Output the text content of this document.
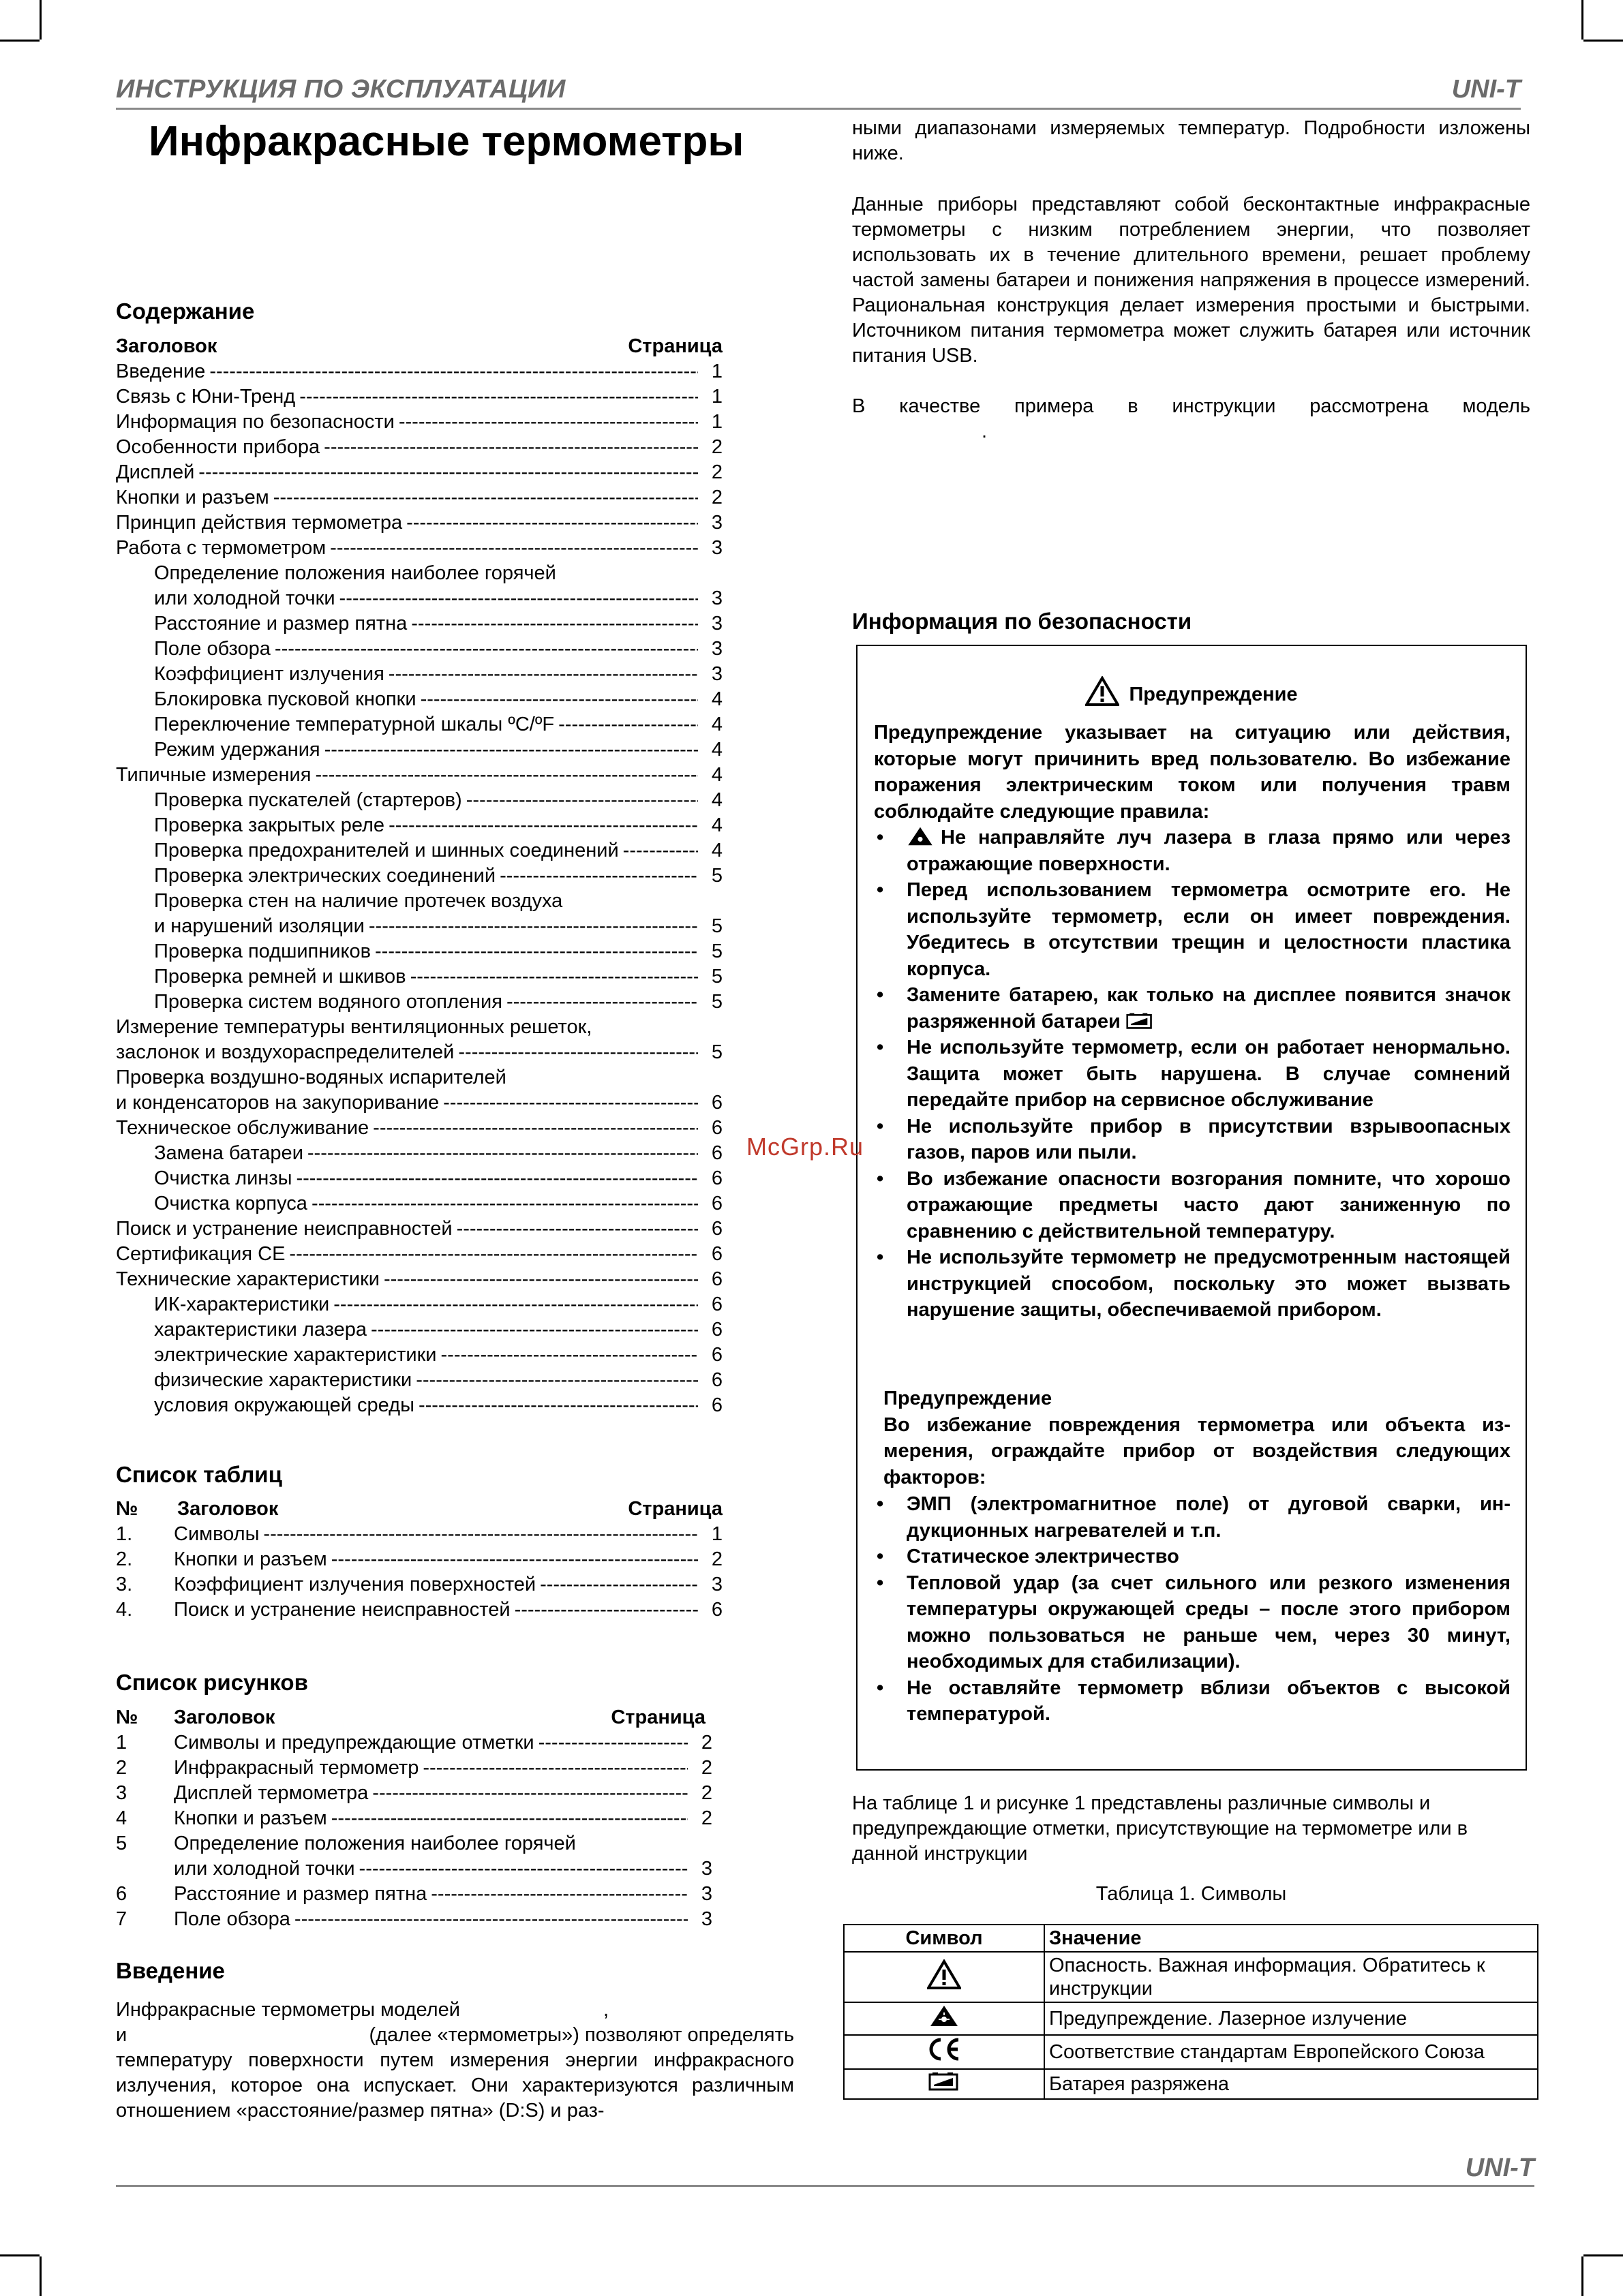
ИНСТРУКЦИЯ ПО ЭКСПЛУАТАЦИИ	UNI-T
UNI-T
Инфракрасные термометры
Содержание
Заголовок	Страница
Введение -----	1
Связь с Юни-Тренд -----	1
Информация по безопасности -----	1
Особенности прибора -----	2
Дисплей -----	2
Кнопки и разъем -----	2
Принцип действия термометра -----	3
Работа с термометром -----	3
Определение положения наиболее горячей
или холодной точки -----	3
Расстояние и размер пятна -----	3
Поле обзора -----	3
Коэффициент излучения -----	3
Блокировка пусковой кнопки -----	4
Переключение температурной шкалы ºC/ºF -----	4
Режим удержания -----	4
Типичные измерения -----	4
Проверка пускателей (стартеров) -----	4
Проверка закрытых реле -----	4
Проверка предохранителей и шинных соединений -----	4
Проверка электрических соединений -----	5
Проверка стен на наличие протечек воздуха
и нарушений изоляции -----	5
Проверка подшипников -----	5
Проверка ремней и шкивов -----	5
Проверка систем водяного отопления -----	5
Измерение температуры вентиляционных решеток,
заслонок и воздухораспределителей -----	5
Проверка воздушно-водяных испарителей
и конденсаторов на закупоривание -----	6
Техническое обслуживание -----	6
Замена батареи -----	6
Очистка линзы -----	6
Очистка корпуса -----	6
Поиск и устранение неисправностей -----	6
Сертификация CE -----	6
Технические характеристики -----	6
ИК-характеристики -----	6
характеристики лазера -----	6
электрические характеристики -----	6
физические характеристики -----	6
условия окружающей среды -----	6
Список таблиц
№	Заголовок	Страница
1.	Символы -----	1
2.	Кнопки и разъем -----	2
3.	Коэффициент излучения поверхностей -----	3
4.	Поиск и устранение неисправностей -----	6
Список рисунков
№	Заголовок	Страница
1	Символы и предупреждающие отметки -----	2
2	Инфракрасный термометр -----	2
3	Дисплей термометра -----	2
4	Кнопки и разъем -----	2
5	Определение положения наиболее горячей
или холодной точки -----	3
6	Расстояние и размер пятна -----	3
7	Поле обзора -----	3
Введение
Инфракрасные термометры моделей	,
и	(далее «термометры») позволяют определять
температуру поверхности путем измерения энергии инфракрасного излучения, которое она испускает. Они характеризуются различным отношением «расстояние/размер пятна» (D:S) и раз-
ными диапазонами измеряемых температур. Подробности изложены ниже.
Данные приборы представляют собой бесконтактные инфракрасные термометры с низким потреблением энергии, что позволяет использовать их в течение длительного времени, решает проблему частой замены батареи и понижения напряжения в процессе измерений. Рациональная конструкция делает измерения простыми и быстрыми. Источником питания термометра может служить батарея или источник питания USB.
В качестве примера в инструкции рассмотрена модель
.
Информация по безопасности
Предупреждение
Предупреждение указывает на ситуацию или действия, которые могут причинить вред пользователю. Во избежание поражения электрическим током или получения травм соблюдайте следующие правила:
• Не направляйте луч лазера в глаза прямо или через отражающие поверхности.
• Перед использованием термометра осмотрите его. Не используйте термометр, если он имеет повреждения. Убедитесь в отсутствии трещин и целостности пластика корпуса.
• Замените батарею, как только на дисплее появится значок разряженной батареи
• Не используйте термометр, если он работает ненормально. Защита может быть нарушена. В случае сомнений передайте прибор на сервисное обслуживание
• Не используйте прибор в присутствии взрывоопасных газов, паров или пыли.
• Во избежание опасности возгорания помните, что хорошо отражающие предметы часто дают заниженную по сравнению с действительной температуру.
• Не используйте термометр не предусмотренным настоящей инструкцией способом, поскольку это может вызвать нарушение защиты, обеспечиваемой прибором.
Предупреждение
Во избежание повреждения термометра или объекта измерения, ограждайте прибор от воздействия следующих факторов:
• ЭМП (электромагнитное поле) от дуговой сварки, индукционных нагревателей и т.п.
• Статическое электричество
• Тепловой удар (за счет сильного или резкого изменения температуры окружающей среды – после этого прибором можно пользоваться не раньше чем, через 30 минут, необходимых для стабилизации).
• Не оставляйте термометр вблизи объектов с высокой температурой.
На таблице 1 и рисунке 1 представлены различные символы и предупреждающие отметки, присутствующие на термометре или в данной инструкции
Таблица 1. Символы
Символ	Значение
	Опасность. Важная информация. Обратитесь к инструкции
	Предупреждение. Лазерное излучение
	Соответствие стандартам Европейского Союза
	Батарея разряжена
McGrp.Ru
